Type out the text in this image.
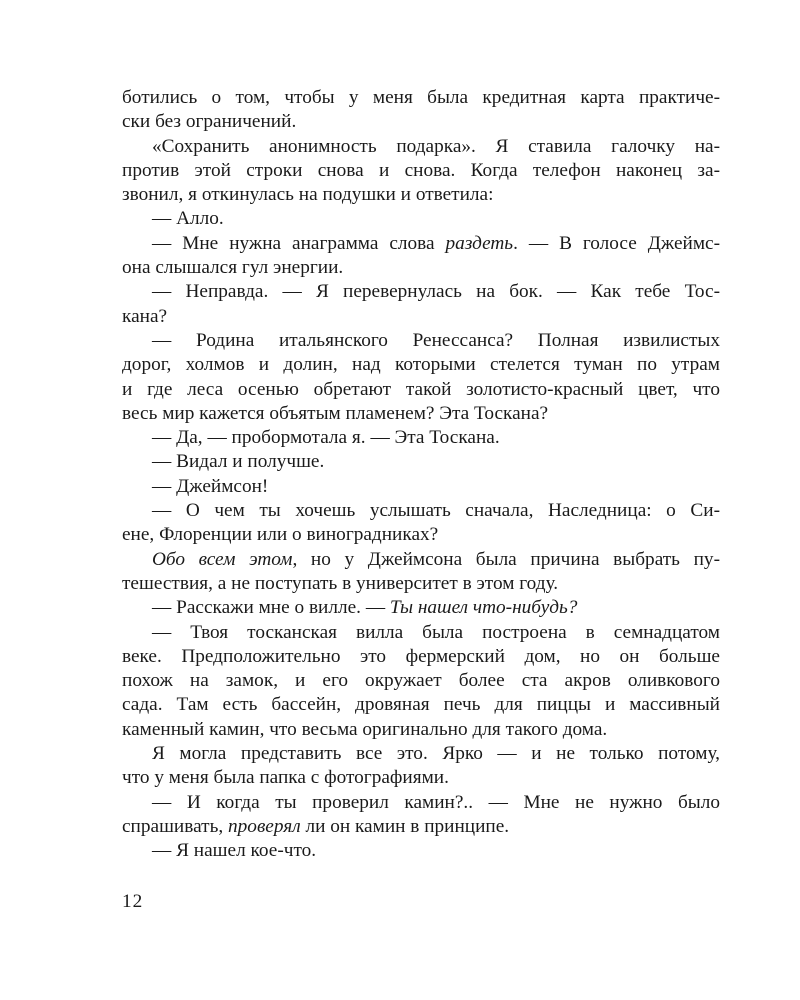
ботились о том, чтобы у меня была кредитная карта практиче-
ски без ограничений.
«Сохранить анонимность подарка». Я ставила галочку на-
против этой строки снова и снова. Когда телефон наконец за-
звонил, я откинулась на подушки и ответила:
— Алло.
— Мне нужна анаграмма слова раздеть. — В голосе Джеймс-
она слышался гул энергии.
— Неправда. — Я перевернулась на бок. — Как тебе Тос-
кана?
— Родина итальянского Ренессанса? Полная извилистых
дорог, холмов и долин, над которыми стелется туман по утрам
и где леса осенью обретают такой золотисто-красный цвет, что
весь мир кажется объятым пламенем? Эта Тоскана?
— Да, — пробормотала я. — Эта Тоскана.
— Видал и получше.
— Джеймсон!
— О чем ты хочешь услышать сначала, Наследница: о Си-
ене, Флоренции или о виноградниках?
Обо всем этом, но у Джеймсона была причина выбрать пу-
тешествия, а не поступать в университет в этом году.
— Расскажи мне о вилле. — Ты нашел что-нибудь?
— Твоя тосканская вилла была построена в семнадцатом
веке. Предположительно это фермерский дом, но он больше
похож на замок, и его окружает более ста акров оливкового
сада. Там есть бассейн, дровяная печь для пиццы и массивный
каменный камин, что весьма оригинально для такого дома.
Я могла представить все это. Ярко — и не только потому,
что у меня была папка с фотографиями.
— И когда ты проверил камин?.. — Мне не нужно было
спрашивать, проверял ли он камин в принципе.
— Я нашел кое-что.
12
